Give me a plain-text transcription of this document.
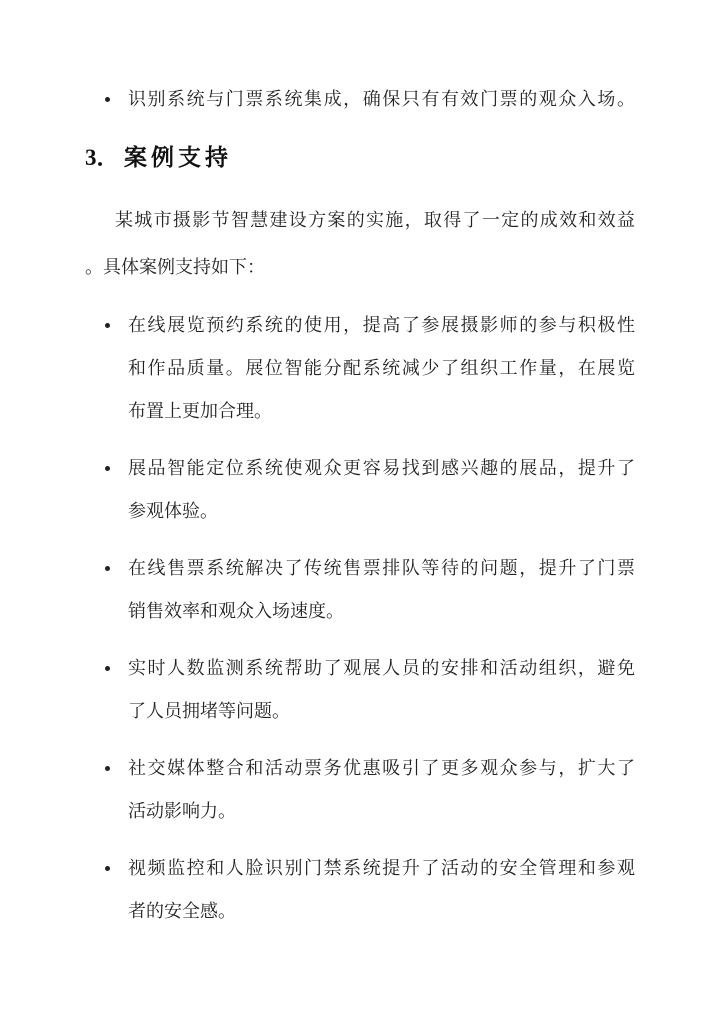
识别系统与门票系统集成，确保只有有效门票的观众入场。
3． 案例支持
某城市摄影节智慧建设方案的实施，取得了一定的成效和效益
。具体案例支持如下：
在线展览预约系统的使用，提高了参展摄影师的参与积极性
和作品质量。展位智能分配系统减少了组织工作量，在展览
布置上更加合理。
展品智能定位系统使观众更容易找到感兴趣的展品，提升了
参观体验。
在线售票系统解决了传统售票排队等待的问题，提升了门票
销售效率和观众入场速度。
实时人数监测系统帮助了观展人员的安排和活动组织，避免
了人员拥堵等问题。
社交媒体整合和活动票务优惠吸引了更多观众参与，扩大了
活动影响力。
视频监控和人脸识别门禁系统提升了活动的安全管理和参观
者的安全感。
